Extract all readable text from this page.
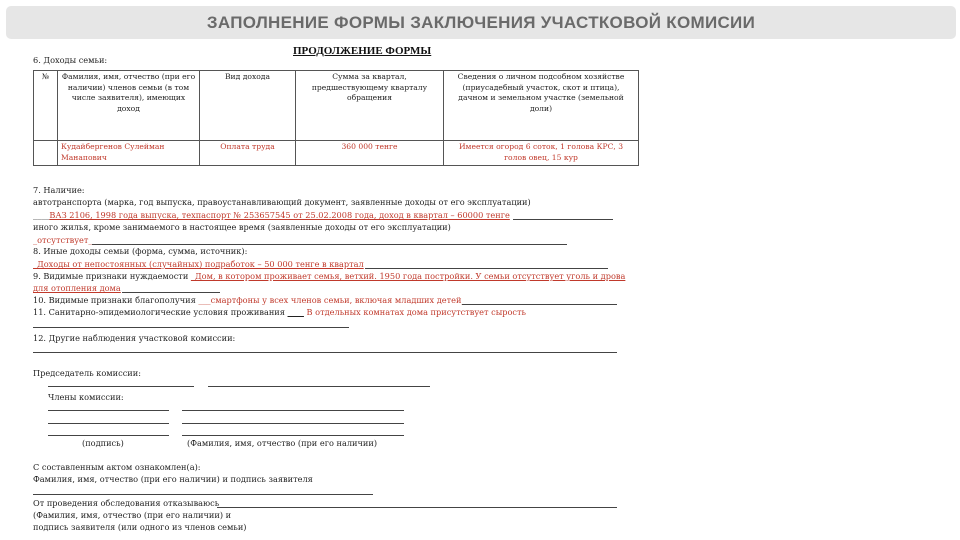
ЗАПОЛНЕНИЕ ФОРМЫ ЗАКЛЮЧЕНИЯ УЧАСТКОВОЙ КОМИСИИ
ПРОДОЛЖЕНИЕ ФОРМЫ
6. Доходы семьи:
№	Фамилия, имя, отчество (при его наличии) членов семьи (в том числе заявителя), имеющих доход	Вид дохода	Сумма за квартал, предшествующему кварталу обращения	Сведения о личном подсобном хозяйстве (приусадебный участок, скот и птица), дачном и земельном участке (земельной доли)
	Кудайбергенов Сулейман Манапович	Оплата труда	360 000 тенге	Имеется огород 6 соток, 1 голова КРС, 3 голов овец, 15 кур
7. Наличие:
автотранспорта (марка, год выпуска, правоустанавливающий документ, заявленные доходы от его эксплуатации)
____ВАЗ 2106, 1998 года выпуска, техпаспорт № 253657545 от 25.02.2008 года, доход в квартал – 60000 тенге
иного жилья, кроме занимаемого в настоящее время (заявленные доходы от его эксплуатации)
_отсутствует_
8. Иные доходы семьи (форма, сумма, источник):
_Доходы от непостоянных (случайных) подработок – 50 000 тенге в квартал
9. Видимые признаки нуждаемости _Дом, в котором проживает семья, ветхий. 1950 года постройки. У семьи отсутствует уголь и дрова
для отопления дома
10. Видимые признаки благополучия ___смартфоны у всех членов семьи, включая младших детей__
11. Санитарно-эпидемиологические условия проживания ____ В отдельных комнатах дома присутствует сырость
12. Другие наблюдения участковой комиссии:
Председатель комиссии:
Члены комиссии:
(подпись)	(Фамилия, имя, отчество (при его наличии)
С составленным актом ознакомлен(а):
Фамилия, имя, отчество (при его наличии) и подпись заявителя
От проведения обследования отказываюсь
(Фамилия, имя, отчество (при его наличии) и
подпись заявителя (или одного из членов семьи)
